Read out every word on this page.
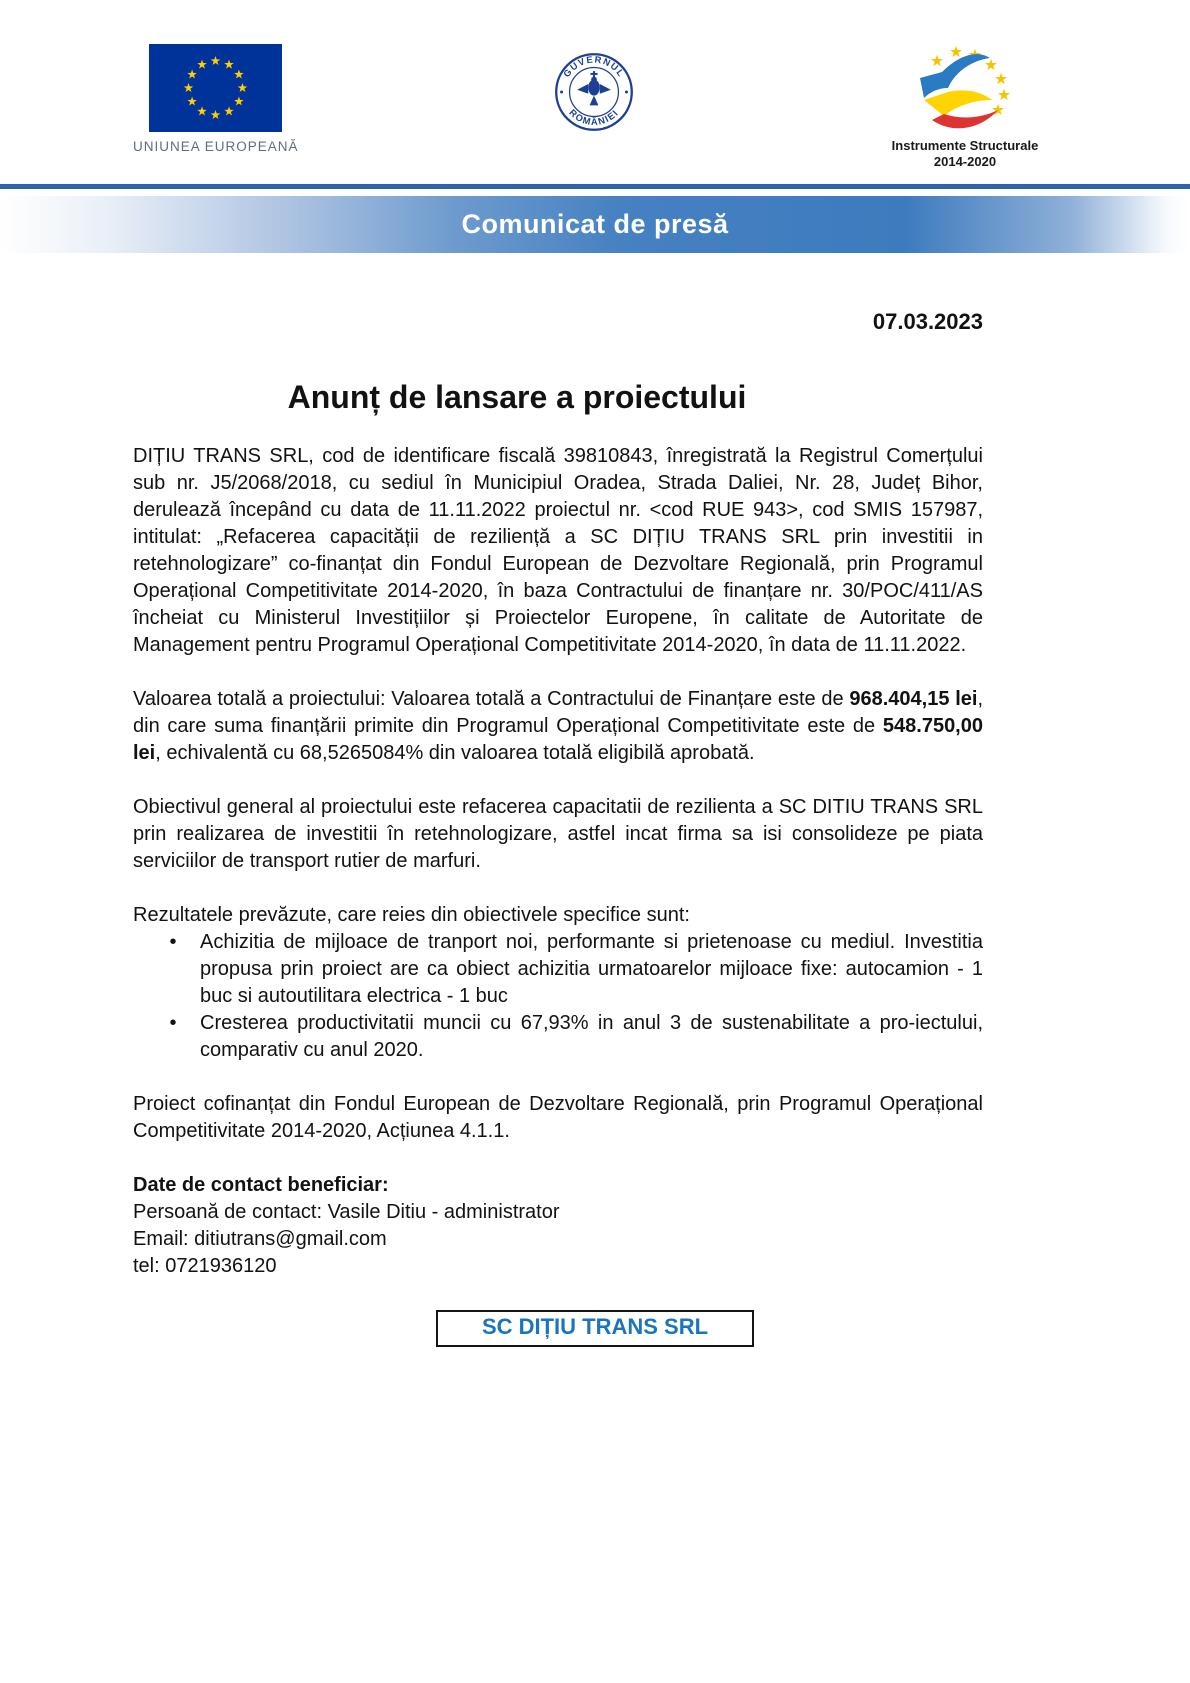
UNIUNEA EUROPEANĂ
GUVERNUL
ROMÂNIEI
Instrumente Structurale
2014-2020
Comunicat de presă
07.03.2023
Anunț de lansare a proiectului

DIȚIU TRANS SRL, cod de identificare fiscală 39810843, înregistrată la Registrul Comerțului sub nr. J5/2068/2018, cu sediul în Municipiul Oradea, Strada Daliei, Nr. 28, Județ Bihor, derulează începând cu data de 11.11.2022 proiectul nr. <cod RUE 943>, cod SMIS 157987, intitulat: „Refacerea capacității de reziliență a SC DIȚIU TRANS SRL prin investitii in retehnologizare” co-finanțat din Fondul European de Dezvoltare Regională, prin Programul Operațional Competitivitate 2014-2020, în baza Contractului de finanțare nr. 30/POC/411/AS încheiat cu Ministerul Investițiilor și Proiectelor Europene, în calitate de Autoritate de Management pentru Programul Operațional Competitivitate 2014-2020, în data de 11.11.2022.

Valoarea totală a proiectului: Valoarea totală a Contractului de Finanțare este de 968.404,15 lei, din care suma finanțării primite din Programul Operațional Competitivitate este de 548.750,00 lei, echivalentă cu 68,5265084% din valoarea totală eligibilă aprobată.

Obiectivul general al proiectului este refacerea capacitatii de rezilienta a SC DITIU TRANS SRL prin realizarea de investitii în retehnologizare, astfel incat firma sa isi consolideze pe piata serviciilor de transport rutier de marfuri.

Rezultatele prevăzute, care reies din obiectivele specifice sunt:

• Achizitia de mijloace de tranport noi, performante si prietenoase cu mediul. Investitia propusa prin proiect are ca obiect achizitia urmatoarelor mijloace fixe: autocamion - 1 buc si autoutilitara electrica - 1 buc
• Cresterea productivitatii muncii cu 67,93% in anul 3 de sustenabilitate a pro-iectului, comparativ cu anul 2020.

Proiect cofinanțat din Fondul European de Dezvoltare Regională, prin Programul Operațional Competitivitate 2014-2020, Acțiunea 4.1.1.

Date de contact beneficiar:
Persoană de contact: Vasile Ditiu - administrator
Email: ditiutrans@gmail.com
tel: 0721936120
SC DIȚIU TRANS SRL
